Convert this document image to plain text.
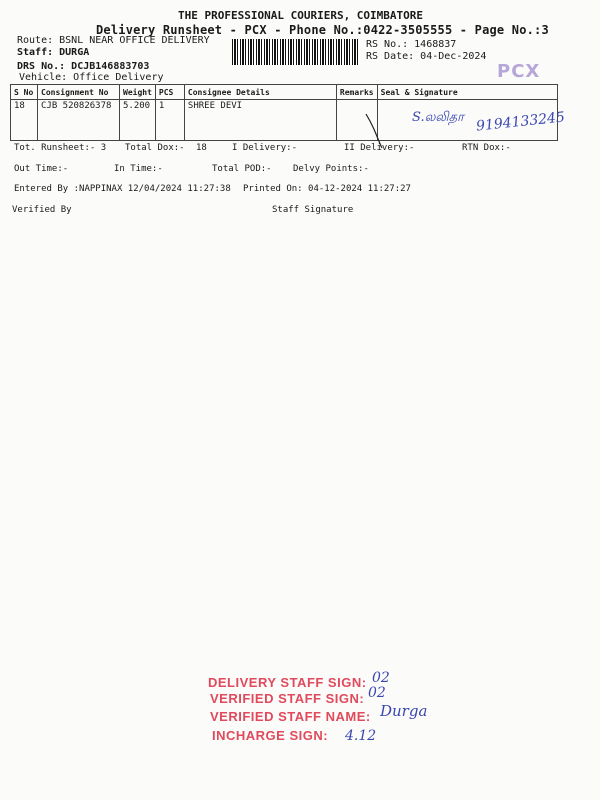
THE PROFESSIONAL COURIERS, COIMBATORE
Delivery Runsheet - PCX - Phone No.:0422-3505555 - Page No.:3
Route: BSNL NEAR OFFICE DELIVERY
Staff: DURGA
DRS No.: DCJB146883703
Vehicle: Office Delivery
RS No.: 1468837
RS Date: 04-Dec-2024
PCX
S No	Consignment No	Weight	PCS	Consignee Details	Remarks	Seal & Signature
18	CJB 520826378	5.200	1	SHREE DEVI		
S.லலிதா 9194133245
Tot. Runsheet:- 3 Total Dox:- 18	I Delivery:-	II Delivery:-	RTN Dox:-
Out Time:-	In Time:-	Total POD:- Delvy Points:-
Entered By :NAPPINAX 12/04/2024 11:27:38 Printed On: 04-12-2024 11:27:27
Verified By	Staff Signature
DELIVERY STAFF SIGN:
VERIFIED STAFF SIGN:
VERIFIED STAFF NAME:
INCHARGE SIGN:
02
02
Durga
4.12
